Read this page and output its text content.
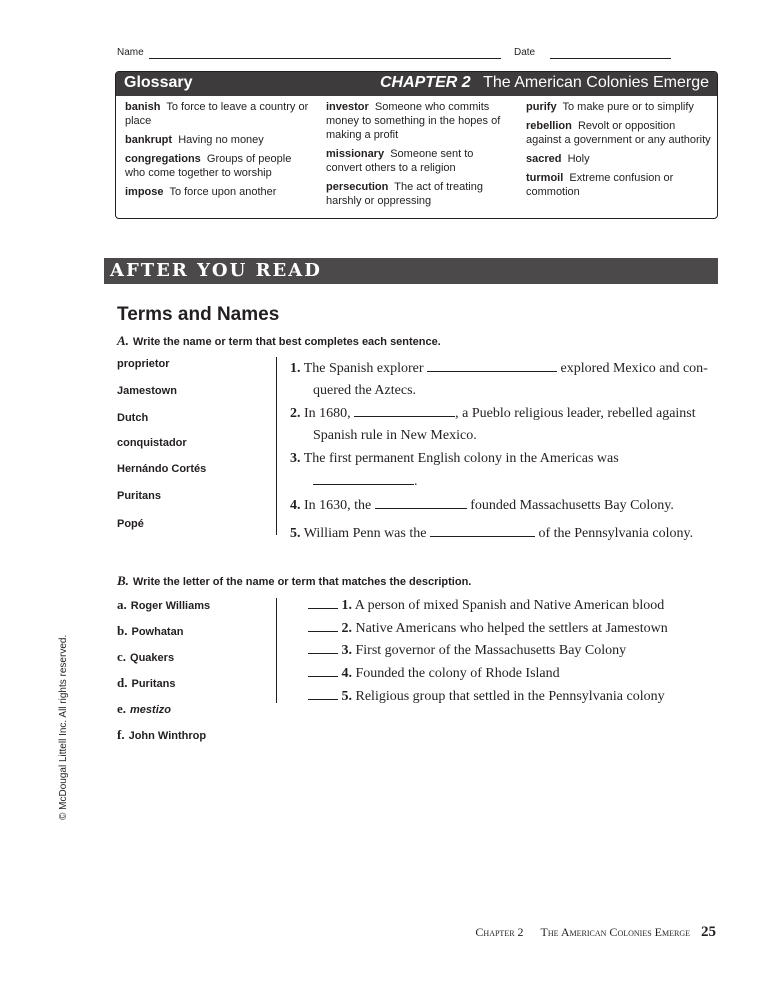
Name	Date
Glossary	CHAPTER 2 The American Colonies Emerge

banish To force to leave a country or place

bankrupt Having no money

congregations Groups of people who come together to worship

impose To force upon another

investor Someone who commits money to something in the hopes of making a profit

missionary Someone sent to convert others to a religion

persecution The act of treating harshly or oppressing

purify To make pure or to simplify

rebellion Revolt or opposition against a government or any authority

sacred Holy

turmoil Extreme confusion or commotion

AFTER YOU READ
Terms and Names
A. Write the name or term that best completes each sentence.
proprietor
Jamestown
Dutch
conquistador
Hernándo Cortés
Puritans
Popé
1. The Spanish explorer	explored Mexico and con-
quered the Aztecs.
2. In 1680,	, a Pueblo religious leader, rebelled against
Spanish rule in New Mexico.
3. The first permanent English colony in the Americas was
.
4. In 1630, the	founded Massachusetts Bay Colony.
5. William Penn was the	of the Pennsylvania colony.
B. Write the letter of the name or term that matches the description.
a. Roger Williams
b. Powhatan
c. Quakers
d. Puritans
e. mestizo
f. John Winthrop
1. A person of mixed Spanish and Native American blood
2. Native Americans who helped the settlers at Jamestown
3. First governor of the Massachusetts Bay Colony
4. Founded the colony of Rhode Island
5. Religious group that settled in the Pennsylvania colony
© McDougal Littell Inc. All rights reserved.
Chapter 2 The American Colonies Emerge 25
